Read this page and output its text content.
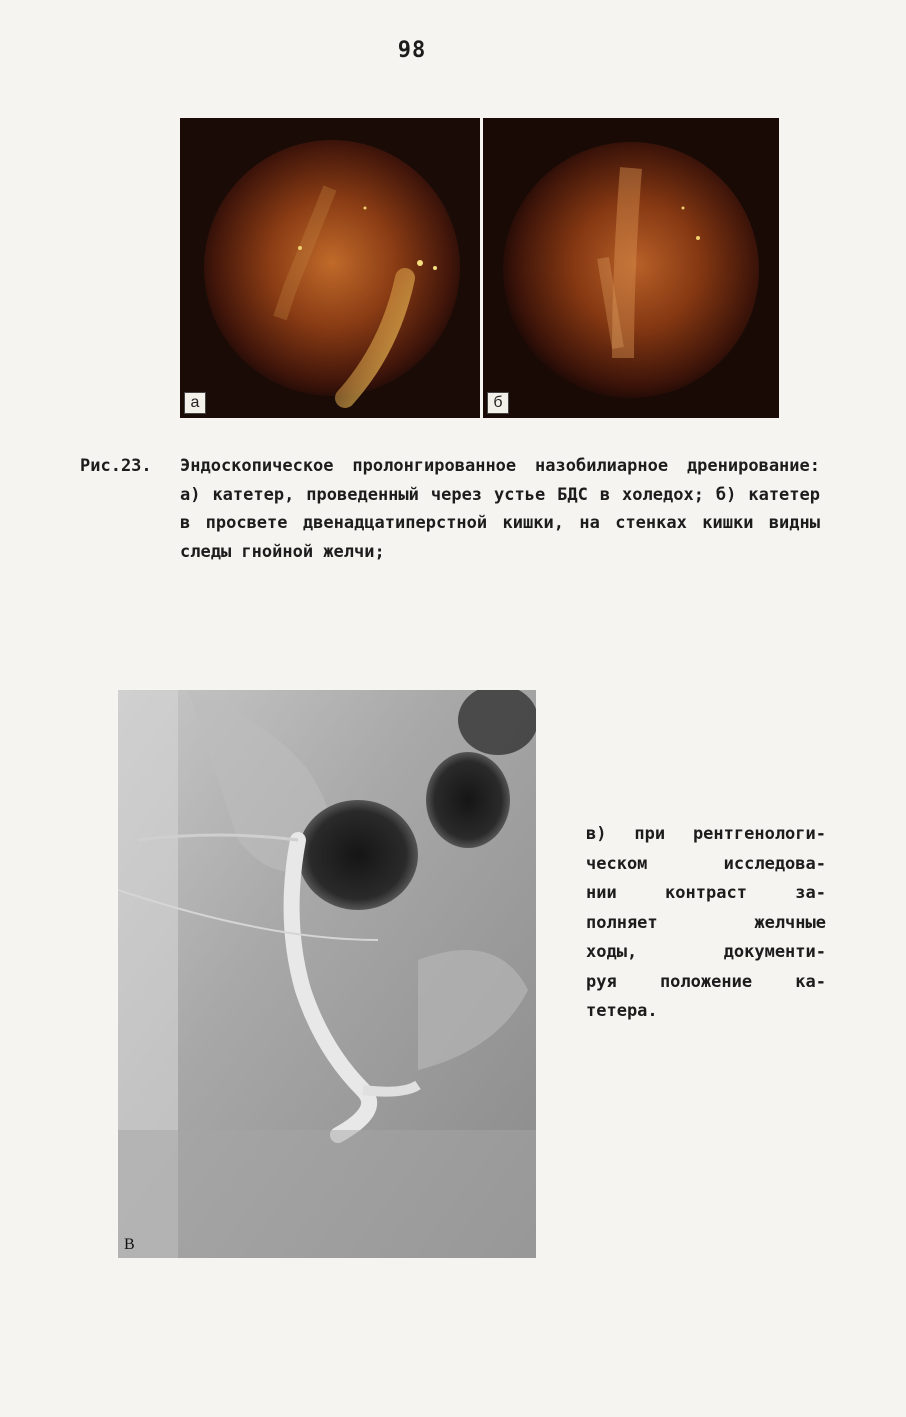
98
а	б
Рис.23.	Эндоскопическое пролонгированное назобилиарное дренирование: а) катетер, проведенный через устье БДС в холедох; б) катетер в просвете двенадцатиперстной кишки, на стенках кишки видны следы гнойной желчи;
В
в) при рентгенологи-
ческом исследова-
нии контраст за-
полняет желчные
ходы, документи-
руя положение ка-
тетера.
